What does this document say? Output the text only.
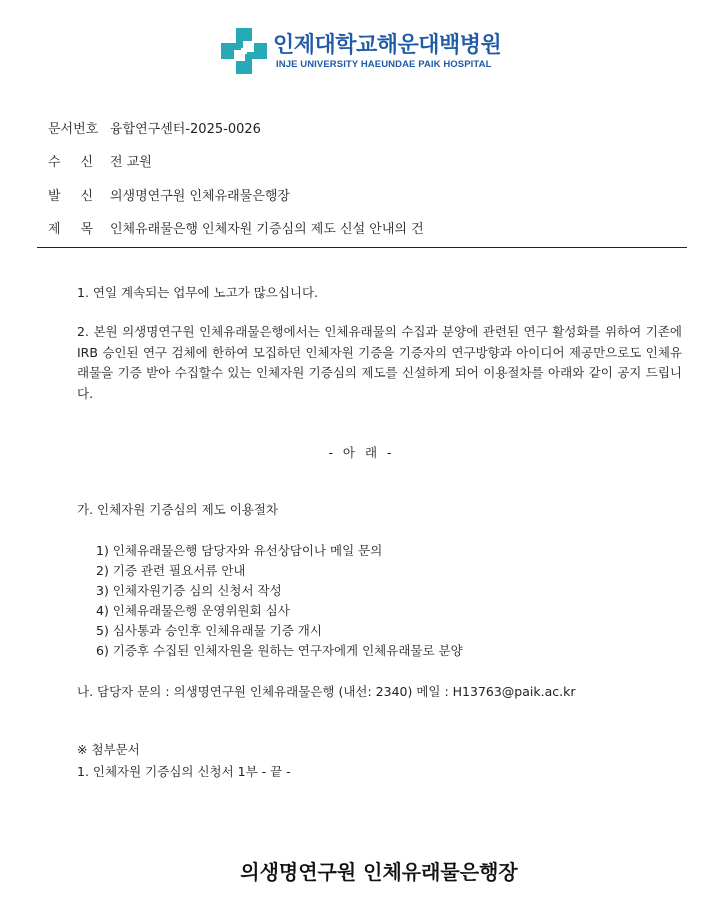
인제대학교해운대백병원
INJE UNIVERSITY HAEUNDAE PAIK HOSPITAL
문서번호 융합연구센터-2025-0026
수신전 교원
발신의생명연구원 인체유래물은행장
제목인체유래물은행 인체자원 기증심의 제도 신설 안내의 건
1. 연일 계속되는 업무에 노고가 많으십니다.
2. 본원 의생명연구원 인체유래물은행에서는 인체유래물의 수집과 분양에 관련된 연구 활성화를 위하여 기존에 IRB 승인된 연구 검체에 한하여 모집하던 인체자원 기증을 기증자의 연구방향과 아이디어 제공만으로도 인체유래물을 기증 받아 수집할수 있는 인체자원 기증심의 제도를 신설하게 되어 이용절차를 아래와 같이 공지 드립니다.
- 아 래 -
가. 인체자원 기증심의 제도 이용절차
1) 인체유래물은행 담당자와 유선상담이나 메일 문의
2) 기증 관련 필요서류 안내
3) 인체자원기증 심의 신청서 작성
4) 인체유래물은행 운영위원회 심사
5) 심사통과 승인후 인체유래물 기증 개시
6) 기증후 수집된 인체자원을 원하는 연구자에게 인체유래물로 분양
나. 담당자 문의 : 의생명연구원 인체유래물은행 (내선: 2340) 메일 : H13763@paik.ac.kr
※ 첨부문서
1. 인체자원 기증심의 신청서 1부 - 끝 -
의생명연구원 인체유래물은행장
